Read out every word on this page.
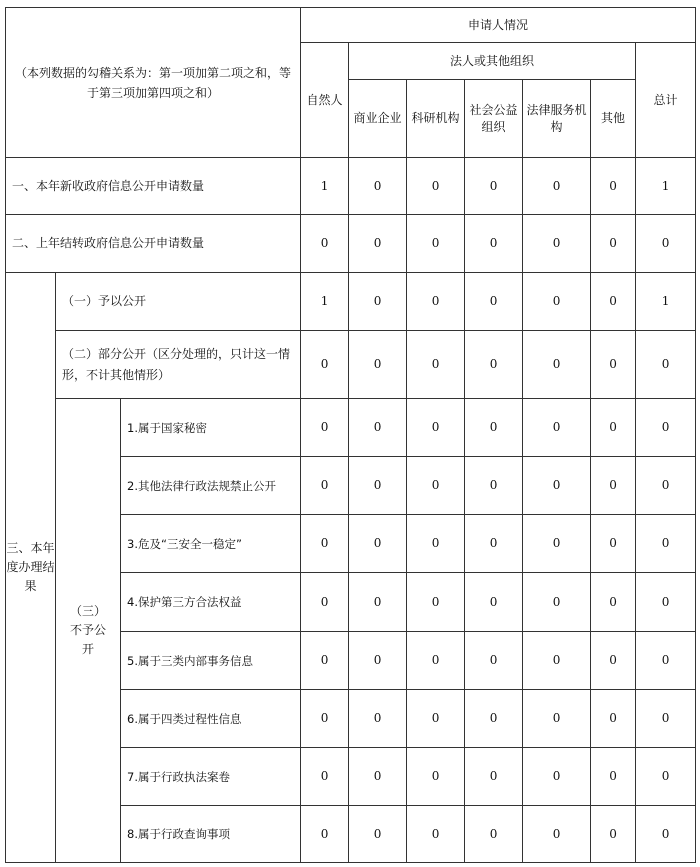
（本列数据的勾稽关系为：第一项加第二项之和，等于第三项加第四项之和）			申请人情况						
			自然人	法人或其他组织					总计
				商业企业	科研机构	社会公益组织	法律服务机构	其他	
一、本年新收政府信息公开申请数量			1	0	0	0	0	0	1
二、上年结转政府信息公开申请数量			0	0	0	0	0	0	0
三、本年度办理结果	（一）予以公开		1	0	0	0	0	0	1
	（二）部分公开（区分处理的，只计这一情形，不计其他情形）		0	0	0	0	0	0	0
	（三）不予公开	1.属于国家秘密	0	0	0	0	0	0	0
		2.其他法律行政法规禁止公开	0	0	0	0	0	0	0
		3.危及“三安全一稳定”	0	0	0	0	0	0	0
		4.保护第三方合法权益	0	0	0	0	0	0	0
		5.属于三类内部事务信息	0	0	0	0	0	0	0
		6.属于四类过程性信息	0	0	0	0	0	0	0
		7.属于行政执法案卷	0	0	0	0	0	0	0
		8.属于行政查询事项	0	0	0	0	0	0	0
